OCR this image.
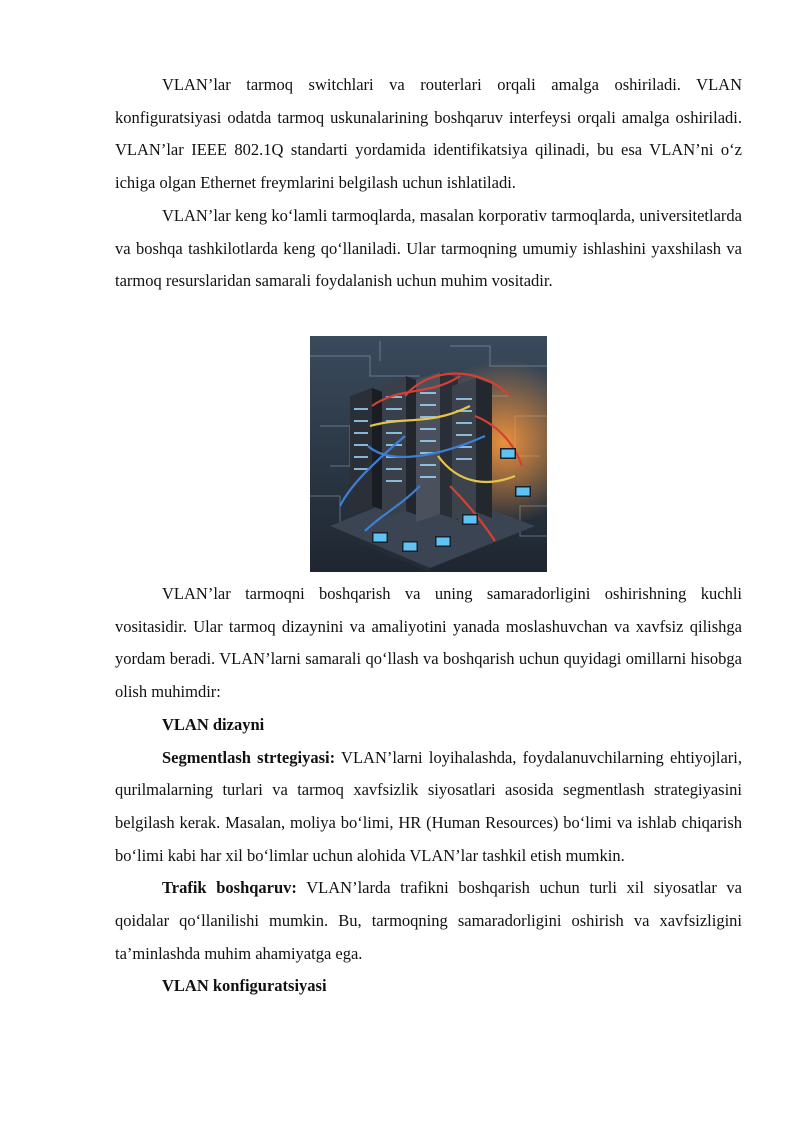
VLAN’lar tarmoq switchlari va routerlari orqali amalga oshiriladi. VLAN konfiguratsiyasi odatda tarmoq uskunalarining boshqaruv interfeysi orqali amalga oshiriladi. VLAN’lar IEEE 802.1Q standarti yordamida identifikatsiya qilinadi, bu esa VLAN’ni o‘z ichiga olgan Ethernet freymlarini belgilash uchun ishlatiladi.

VLAN’lar keng ko‘lamli tarmoqlarda, masalan korporativ tarmoqlarda, universitetlarda va boshqa tashkilotlarda keng qo‘llaniladi. Ular tarmoqning umumiy ishlashini yaxshilash va tarmoq resurslaridan samarali foydalanish uchun muhim vositadir.

VLAN’lar tarmoqni boshqarish va uning samaradorligini oshirishning kuchli vositasidir. Ular tarmoq dizaynini va amaliyotini yanada moslashuvchan va xavfsiz qilishga yordam beradi. VLAN’larni samarali qo‘llash va boshqarish uchun quyidagi omillarni hisobga olish muhimdir:

VLAN dizayni

Segmentlash strtegiyasi: VLAN’larni loyihalashda, foydalanuvchilarning ehtiyojlari, qurilmalarning turlari va tarmoq xavfsizlik siyosatlari asosida segmentlash strategiyasini belgilash kerak. Masalan, moliya bo‘limi, HR (Human Resources) bo‘limi va ishlab chiqarish bo‘limi kabi har xil bo‘limlar uchun alohida VLAN’lar tashkil etish mumkin.

Trafik boshqaruv: VLAN’larda trafikni boshqarish uchun turli xil siyosatlar va qoidalar qo‘llanilishi mumkin. Bu, tarmoqning samaradorligini oshirish va xavfsizligini ta’minlashda muhim ahamiyatga ega.

VLAN konfiguratsiyasi
